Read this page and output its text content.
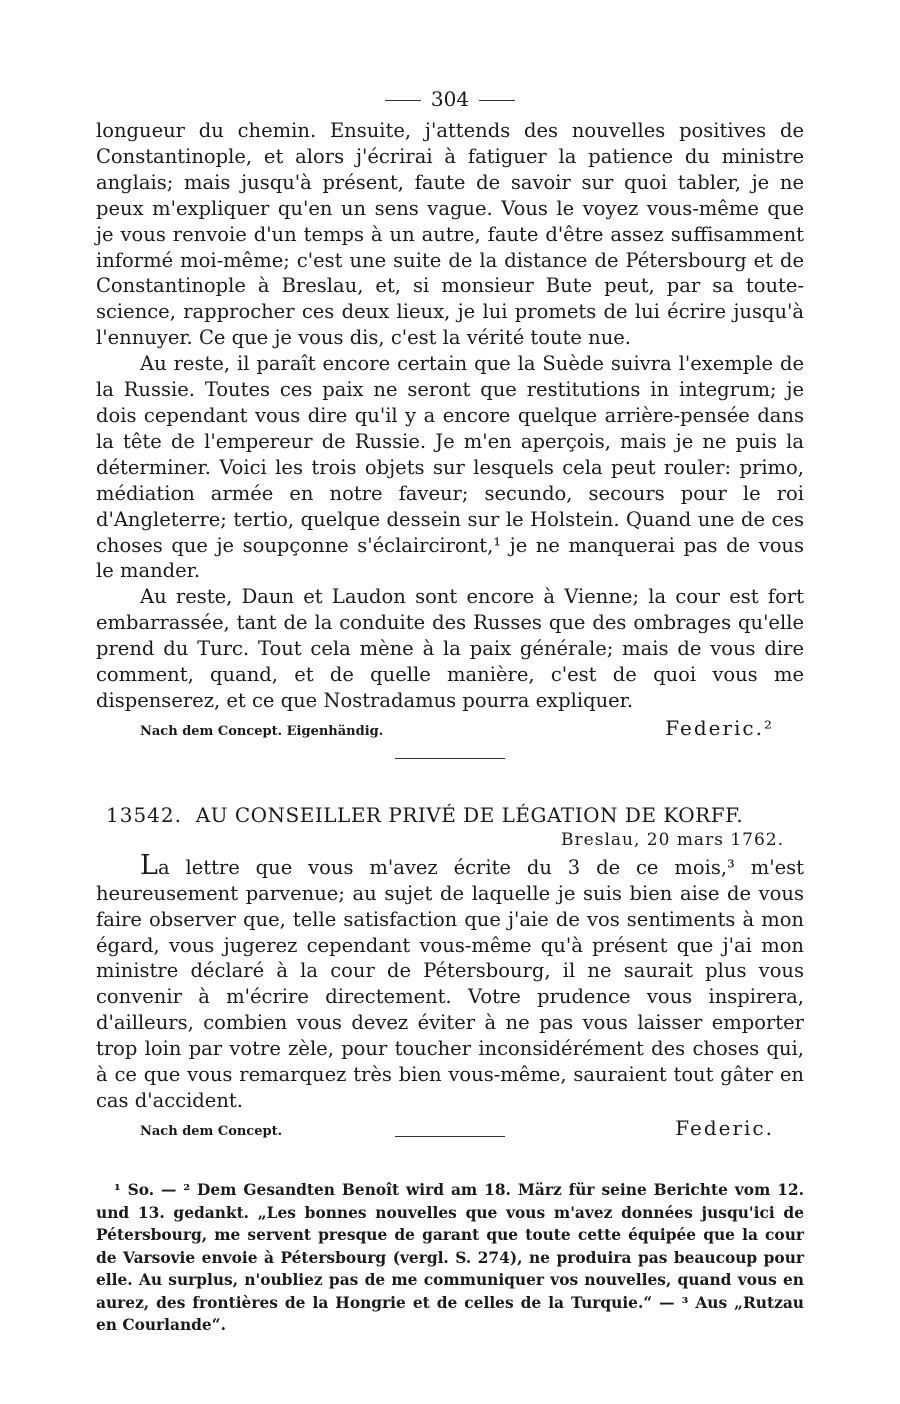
304

longueur du chemin. Ensuite, j'attends des nouvelles positives de Constantinople, et alors j'écrirai à fatiguer la patience du ministre anglais; mais jusqu'à présent, faute de savoir sur quoi tabler, je ne peux m'expliquer qu'en un sens vague. Vous le voyez vous-même que je vous renvoie d'un temps à un autre, faute d'être assez suffisamment informé moi-même; c'est une suite de la distance de Pétersbourg et de Constantinople à Breslau, et, si monsieur Bute peut, par sa toute-science, rapprocher ces deux lieux, je lui promets de lui écrire jusqu'à l'ennuyer. Ce que je vous dis, c'est la vérité toute nue.

Au reste, il paraît encore certain que la Suède suivra l'exemple de la Russie. Toutes ces paix ne seront que restitutions in integrum; je dois cependant vous dire qu'il y a encore quelque arrière-pensée dans la tête de l'empereur de Russie. Je m'en aperçois, mais je ne puis la déterminer. Voici les trois objets sur lesquels cela peut rouler: primo, médiation armée en notre faveur; secundo, secours pour le roi d'Angleterre; tertio, quelque dessein sur le Holstein. Quand une de ces choses que je soupçonne s'éclairciront,¹ je ne manquerai pas de vous le mander.

Au reste, Daun et Laudon sont encore à Vienne; la cour est fort embarrassée, tant de la conduite des Russes que des ombrages qu'elle prend du Turc. Tout cela mène à la paix générale; mais de vous dire comment, quand, et de quelle manière, c'est de quoi vous me dispenserez, et ce que Nostradamus pourra expliquer.

Nach dem Concept. Eigenhändig.	Federic.²
13542. AU CONSEILLER PRIVÉ DE LÉGATION DE KORFF.
Breslau, 20 mars 1762.

La lettre que vous m'avez écrite du 3 de ce mois,³ m'est heureusement parvenue; au sujet de laquelle je suis bien aise de vous faire observer que, telle satisfaction que j'aie de vos sentiments à mon égard, vous jugerez cependant vous-même qu'à présent que j'ai mon ministre déclaré à la cour de Pétersbourg, il ne saurait plus vous convenir à m'écrire directement. Votre prudence vous inspirera, d'ailleurs, combien vous devez éviter à ne pas vous laisser emporter trop loin par votre zèle, pour toucher inconsidérément des choses qui, à ce que vous remarquez très bien vous-même, sauraient tout gâter en cas d'accident.

Nach dem Concept.	Federic.

¹ So. — ² Dem Gesandten Benoît wird am 18. März für seine Berichte vom 12. und 13. gedankt. „Les bonnes nouvelles que vous m'avez données jusqu'ici de Pétersbourg, me servent presque de garant que toute cette équipée que la cour de Varsovie envoie à Pétersbourg (vergl. S. 274), ne produira pas beaucoup pour elle. Au surplus, n'oubliez pas de me communiquer vos nouvelles, quand vous en aurez, des frontières de la Hongrie et de celles de la Turquie.“ — ³ Aus „Rutzau en Courlande“.
